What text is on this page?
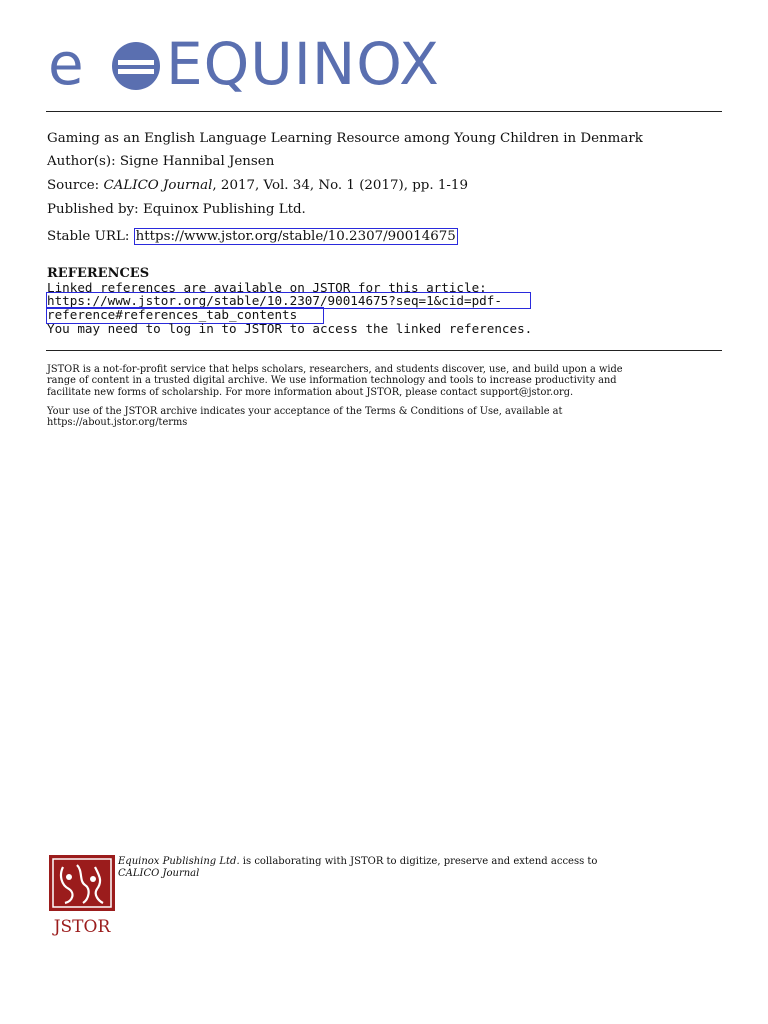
e EQUINOX
Gaming as an English Language Learning Resource among Young Children in Denmark
Author(s): Signe Hannibal Jensen
Source: CALICO Journal, 2017, Vol. 34, No. 1 (2017), pp. 1-19
Published by: Equinox Publishing Ltd.
Stable URL: https://www.jstor.org/stable/10.2307/90014675
REFERENCES
Linked references are available on JSTOR for this article:
https://www.jstor.org/stable/10.2307/90014675?seq=1&cid=pdf-
reference#references_tab_contents
You may need to log in to JSTOR to access the linked references.
JSTOR is a not-for-profit service that helps scholars, researchers, and students discover, use, and build upon a wide
range of content in a trusted digital archive. We use information technology and tools to increase productivity and
facilitate new forms of scholarship. For more information about JSTOR, please contact support@jstor.org.
Your use of the JSTOR archive indicates your acceptance of the Terms & Conditions of Use, available at
https://about.jstor.org/terms
JSTOR
Equinox Publishing Ltd. is collaborating with JSTOR to digitize, preserve and extend access to
CALICO Journal
